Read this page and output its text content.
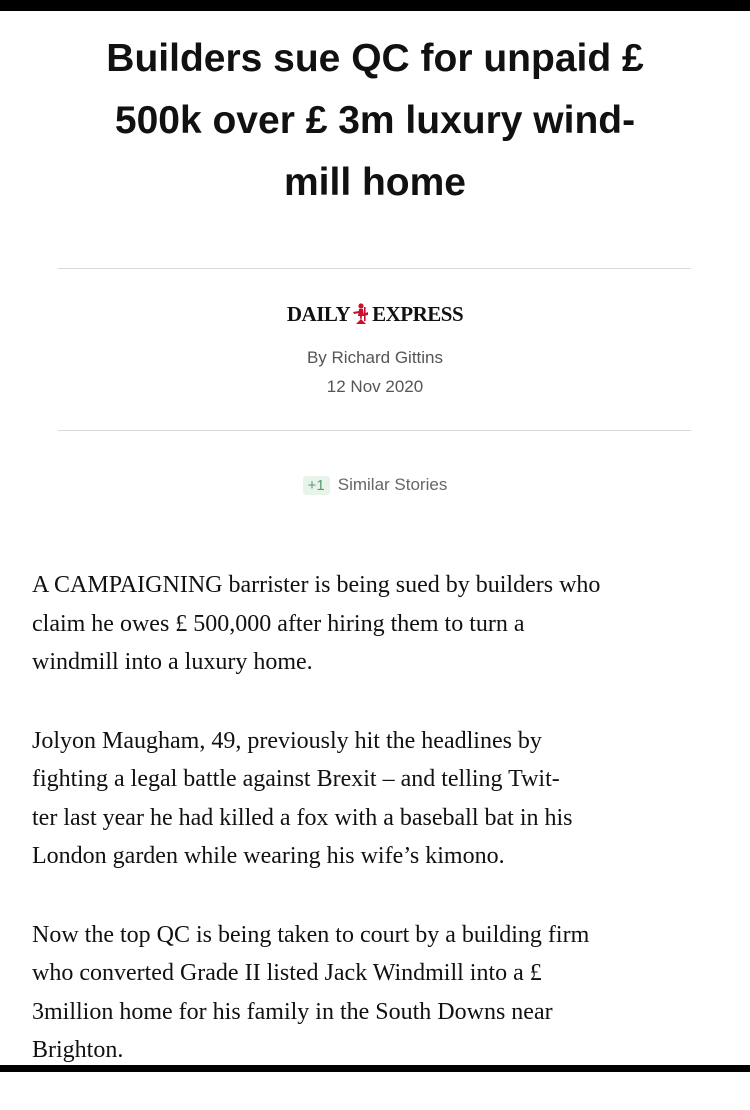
Builders sue QC for unpaid £
500k over £ 3m luxury wind-
mill home
DAILY EXPRESS
By Richard Gittins
12 Nov 2020
+1 Similar Stories

A CAMPAIGNING barrister is being sued by builders who
claim he owes £ 500,000 after hiring them to turn a
windmill into a luxury home.

Jolyon Maugham, 49, previously hit the headlines by
fighting a legal battle against Brexit – and telling Twit-
ter last year he had killed a fox with a baseball bat in his
London garden while wearing his wife’s kimono.

Now the top QC is being taken to court by a building firm
who converted Grade II listed Jack Windmill into a £
3million home for his family in the South Downs near
Brighton.
